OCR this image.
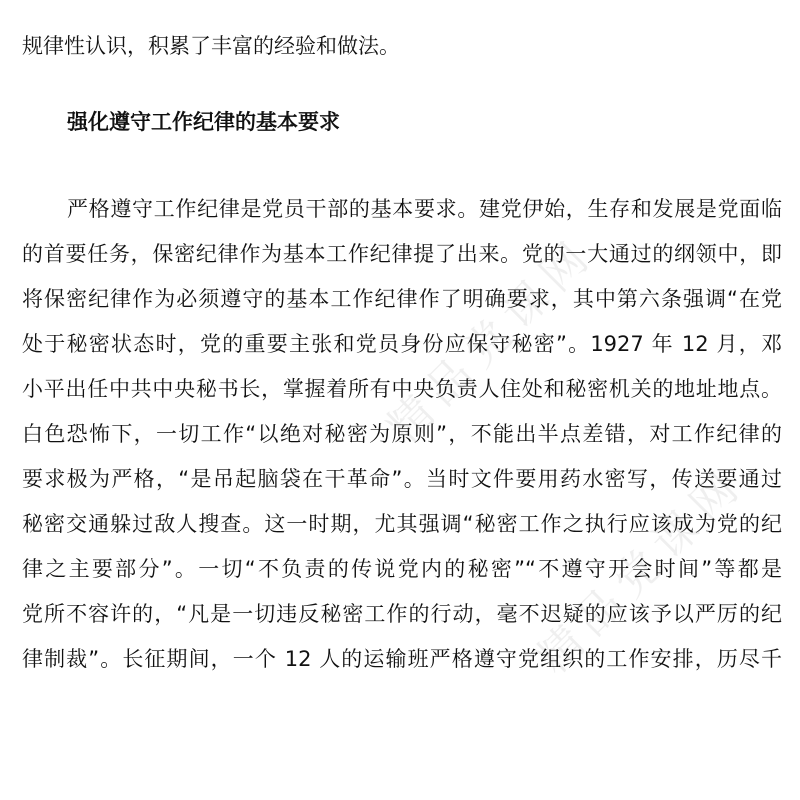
精品党课网
精品党课网
规律性认识，积累了丰富的经验和做法。
强化遵守工作纪律的基本要求
严格遵守工作纪律是党员干部的基本要求。建党伊始，生存和发展是党面临
的首要任务，保密纪律作为基本工作纪律提了出来。党的一大通过的纲领中，即
将保密纪律作为必须遵守的基本工作纪律作了明确要求，其中第六条强调“在党
处于秘密状态时，党的重要主张和党员身份应保守秘密”。1927 年 12 月，邓
小平出任中共中央秘书长，掌握着所有中央负责人住处和秘密机关的地址地点。
白色恐怖下，一切工作“以绝对秘密为原则”，不能出半点差错，对工作纪律的
要求极为严格，“是吊起脑袋在干革命”。当时文件要用药水密写，传送要通过
秘密交通躲过敌人搜查。这一时期，尤其强调“秘密工作之执行应该成为党的纪
律之主要部分”。一切“不负责的传说党内的秘密”“不遵守开会时间”等都是
党所不容许的，“凡是一切违反秘密工作的行动，毫不迟疑的应该予以严厉的纪
律制裁”。长征期间，一个 12 人的运输班严格遵守党组织的工作安排，历尽千
